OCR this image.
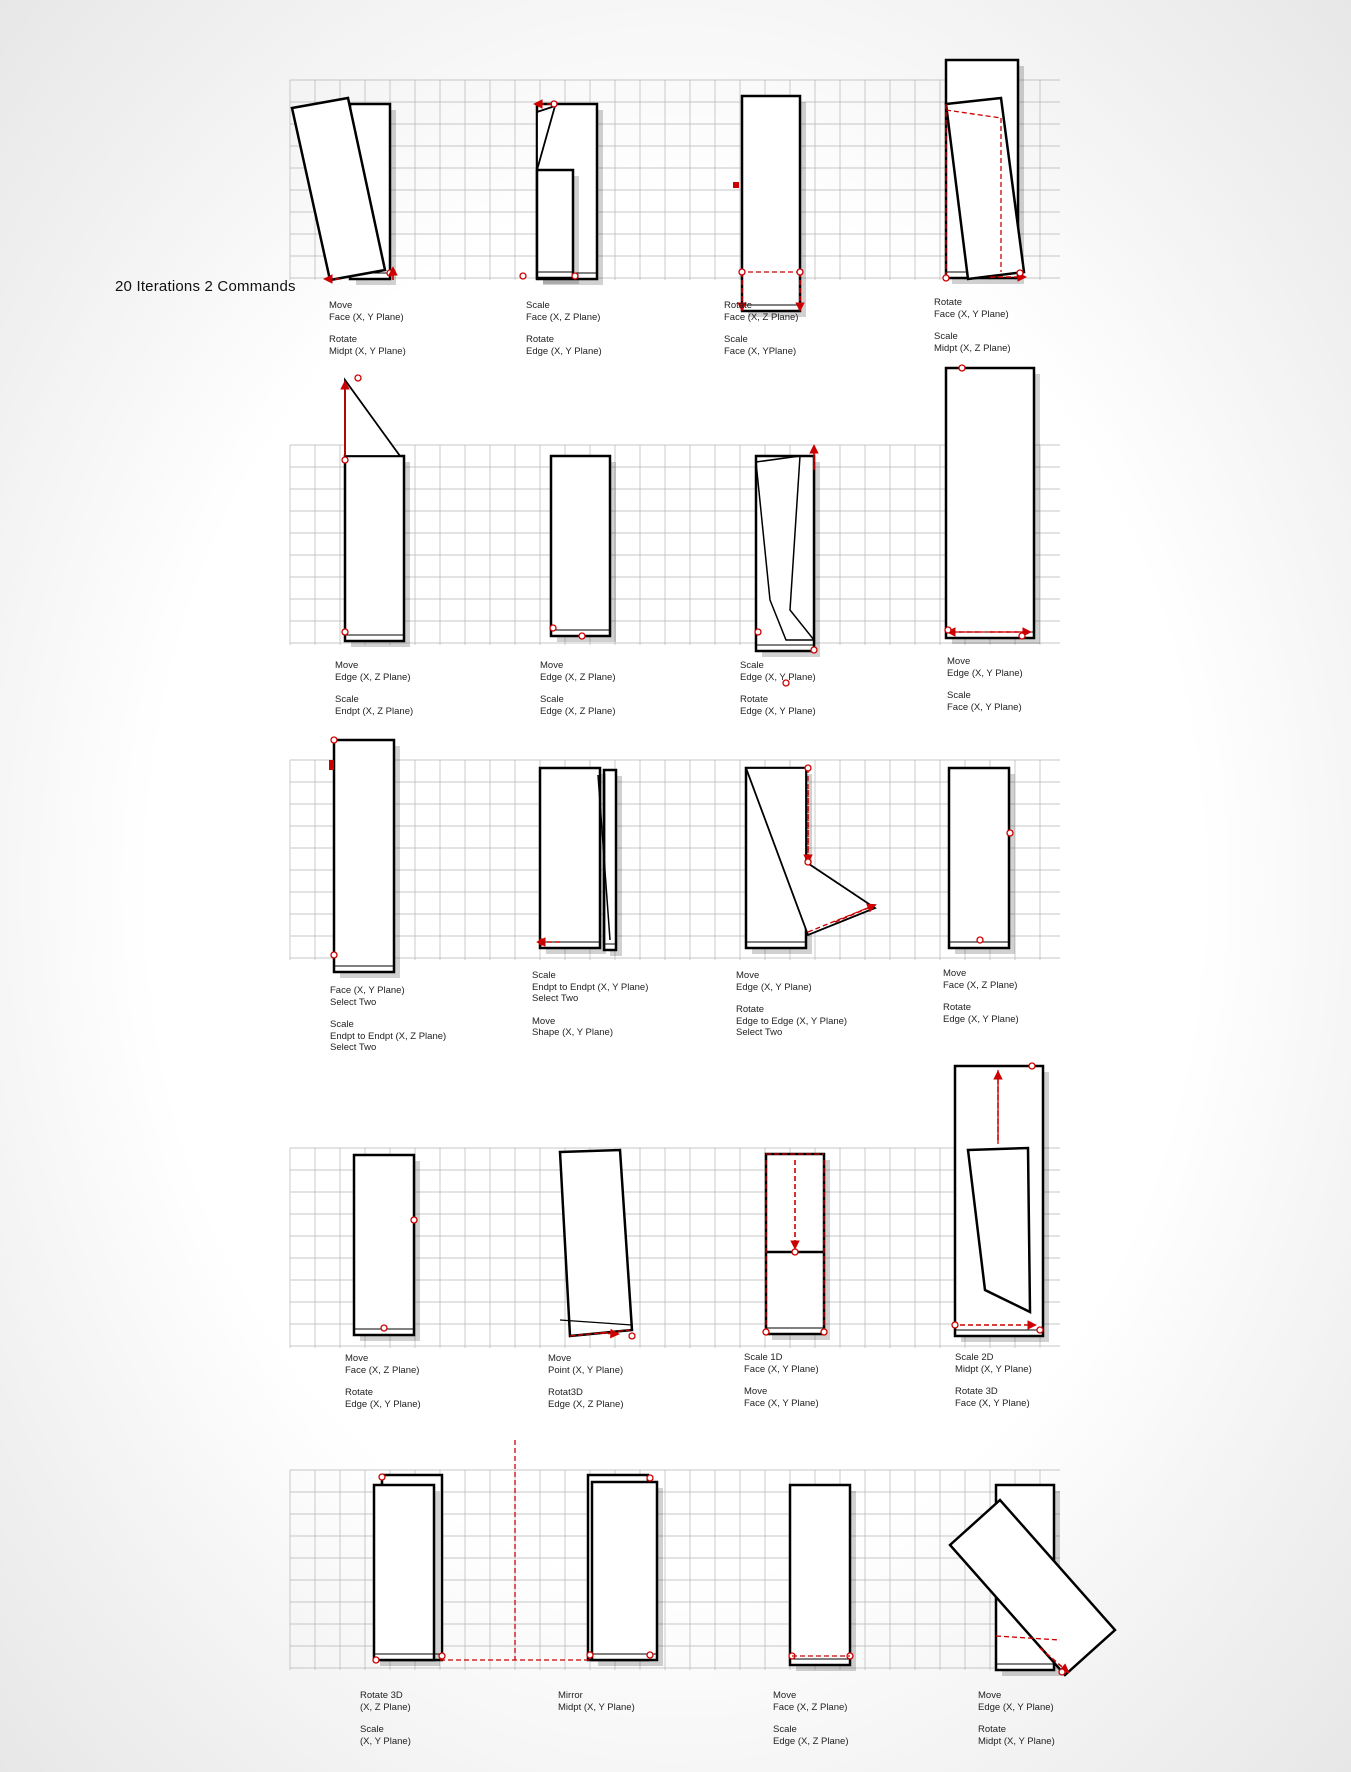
20 Iterations 2 Commands
Move
Face (X, Y Plane)
Rotate
Midpt (X, Y Plane)
Scale
Face (X, Z Plane)
Rotate
Edge (X, Y Plane)
Rotate
Face (X, Z Plane)
Scale
Face (X, YPlane)
Rotate
Face (X, Y Plane)
Scale
Midpt (X, Z Plane)
Move
Edge (X, Z Plane)
Scale
Endpt (X, Z Plane)
Move
Edge (X, Z Plane)
Scale
Edge (X, Z Plane)
Scale
Edge (X, Y Plane)
Rotate
Edge (X, Y Plane)
Move
Edge (X, Y Plane)
Scale
Face (X, Y Plane)
Face (X, Y Plane)
Select Two
Scale
Endpt to Endpt (X, Z Plane)
Select Two
Scale
Endpt to Endpt (X, Y Plane)
Select Two
Move
Shape (X, Y Plane)
Move
Edge (X, Y Plane)
Rotate
Edge to Edge (X, Y Plane)
Select Two
Move
Face (X, Z Plane)
Rotate
Edge (X, Y Plane)
Move
Face (X, Z Plane)
Rotate
Edge (X, Y Plane)
Move
Point (X, Y Plane)
Rotat3D
Edge (X, Z Plane)
Scale 1D
Face (X, Y Plane)
Move
Face (X, Y Plane)
Scale 2D
Midpt (X, Y Plane)
Rotate 3D
Face (X, Y Plane)
Rotate 3D
(X, Z Plane)
Scale
(X, Y Plane)
Mirror
Midpt (X, Y Plane)
Move
Face (X, Z Plane)
Scale
Edge (X, Z Plane)
Move
Edge (X, Y Plane)
Rotate
Midpt (X, Y Plane)
